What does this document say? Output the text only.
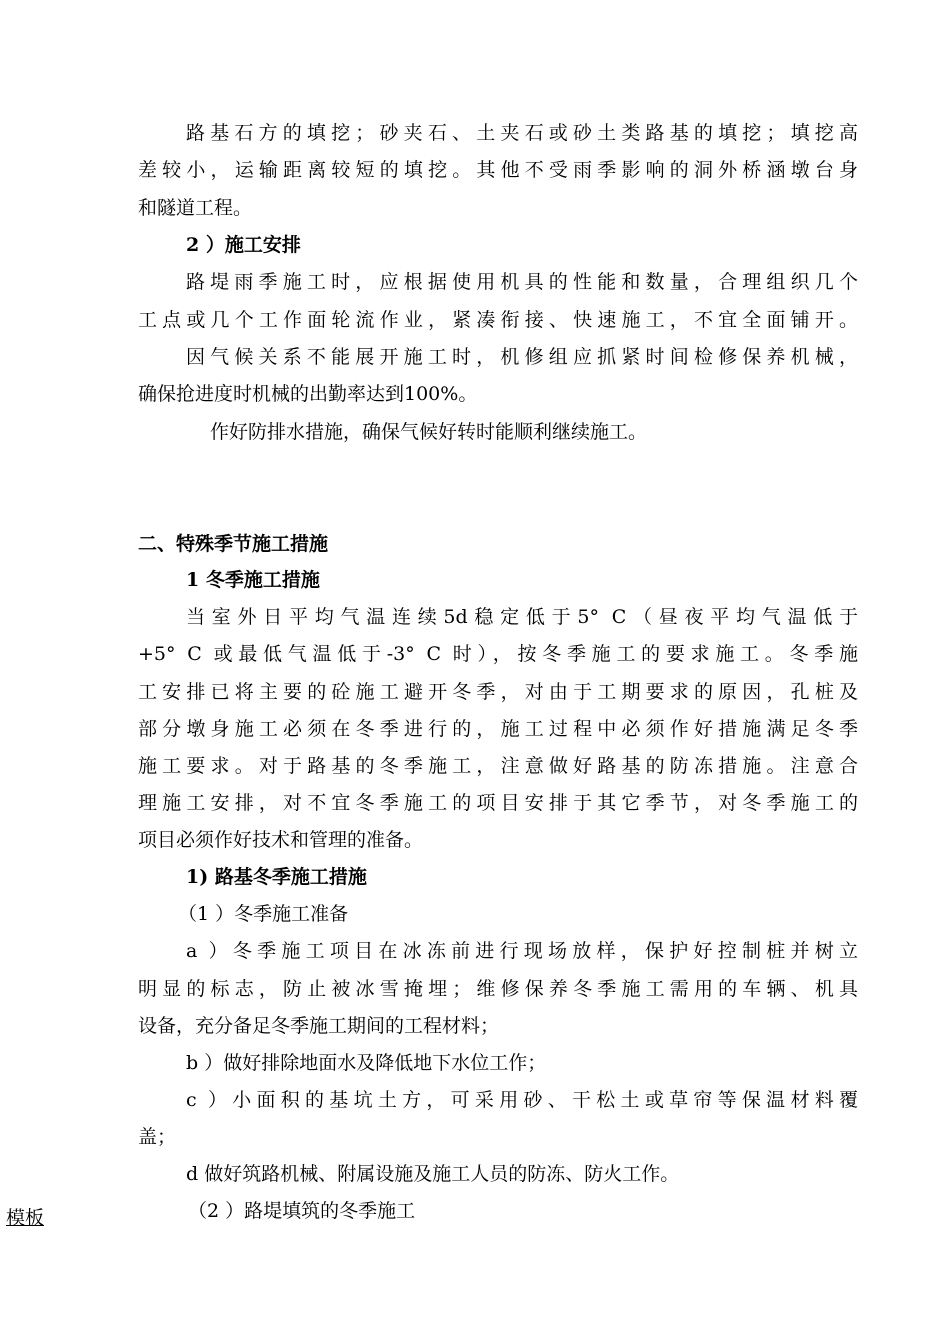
路基石方的填挖；砂夹石、土夹石或砂土类路基的填挖；填挖高
差较小，运输距离较短的填挖。其他不受雨季影响的洞外桥涵墩台身
和隧道工程。
2 ）施工安排
路堤雨季施工时，应根据使用机具的性能和数量，合理组织几个
工点或几个工作面轮流作业，紧凑衔接、快速施工，不宜全面铺开。
因气候关系不能展开施工时，机修组应抓紧时间检修保养机械，
确保抢进度时机械的出勤率达到100%。
作好防排水措施，确保气候好转时能顺利继续施工。
二、特殊季节施工措施
1 冬季施工措施
当室外日平均气温连续5d稳定低于5° C（昼夜平均气温低于
+5° C 或最低气温低于-3° C 时），按冬季施工的要求施工。冬季施
工安排已将主要的砼施工避开冬季，对由于工期要求的原因，孔桩及
部分墩身施工必须在冬季进行的，施工过程中必须作好措施满足冬季
施工要求。对于路基的冬季施工，注意做好路基的防冻措施。注意合
理施工安排，对不宜冬季施工的项目安排于其它季节，对冬季施工的
项目必须作好技术和管理的准备。
1) 路基冬季施工措施
（1 ）冬季施工准备
a ）冬季施工项目在冰冻前进行现场放样，保护好控制桩并树立
明显的标志，防止被冰雪掩埋；维修保养冬季施工需用的车辆、机具
设备，充分备足冬季施工期间的工程材料；
b ）做好排除地面水及降低地下水位工作；
c ）小面积的基坑土方，可采用砂、干松土或草帘等保温材料覆
盖；
d 做好筑路机械、附属设施及施工人员的防冻、防火工作。
（2 ）路堤填筑的冬季施工
模板
